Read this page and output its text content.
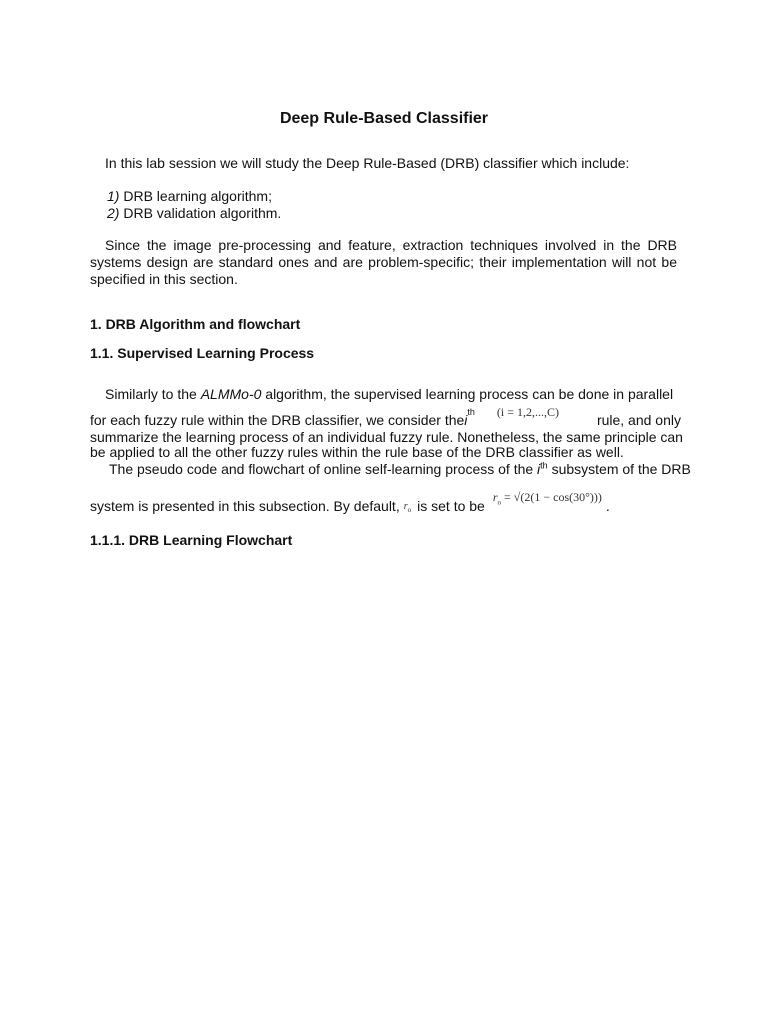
Deep Rule-Based Classifier
In this lab session we will study the Deep Rule-Based (DRB) classifier which include:
1) DRB learning algorithm;
2) DRB validation algorithm.
Since the image pre-processing and feature, extraction techniques involved in the DRB systems design are standard ones and are problem-specific; their implementation will not be specified in this section.
1. DRB Algorithm and flowchart
1.1. Supervised Learning Process
Similarly to the ALMMo-0 algorithm, the supervised learning process can be done in parallel
for each fuzzy rule within the DRB classifier, we consider the i th (i = 1,2,...,C)	rule, and only
summarize the learning process of an individual fuzzy rule. Nonetheless, the same principle can
be applied to all the other fuzzy rules within the rule base of the DRB classifier as well.
The pseudo code and flowchart of online self-learning process of the $i^{th}$ subsystem of the DRB
system is presented in this subsection. By default, $r_o$ is set to be
$r_o = √(2(1 - \cos(30^\circ)))$
.
1.1.1. DRB Learning Flowchart
